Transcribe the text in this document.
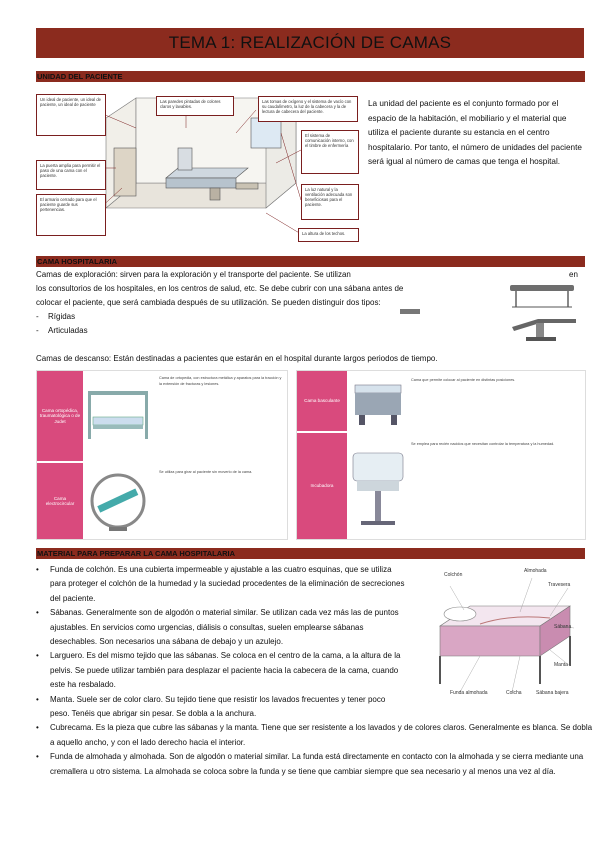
TEMA 1: REALIZACIÓN DE CAMAS
UNIDAD DEL PACIENTE
Un ideal de paciente, un ideal de paciente, un ideal de paciente
Las paredes pintadas de colores claros y lavables.
Las tomas de oxígeno y el sistema de vacío con su caudalímetro, la luz de la cabecera y la de lectura de cabecera del paciente.
El sistema de comunicación interno, con el timbre de enfermería
La puerta amplia para permitir el paso de una cama con el paciente.
El armario cerrado para que el paciente guarde sus pertenencias.
La luz natural y la ventilación adecuada son beneficiosas para el paciente.
La altura de los techos.
La unidad del paciente es el conjunto formado por el espacio de la habitación, el mobiliario y el material que utiliza el paciente durante su estancia en el centro hospitalario. Por tanto, el número de unidades del paciente será igual al número de camas que tenga el hospital.
CAMA HOSPITALARIA
Camas de exploración: sirven para la exploración y el transporte del paciente. Se utilizan	en
los consultorios de los hospitales, en los centros de salud, etc. Se debe cubrir con una sábana antes de colocar el paciente, que será cambiada después de su utilización. Se pueden distinguir dos tipos:
-	Rígidas
-	Articuladas
Camas de descanso: Están destinadas a pacientes que estarán en el hospital durante largos periodos de tiempo.
Cama ortopédica, traumatológica o de Judet
Cama electrocircular
Cama de ortopedia, con estructura metálica y aparatos para la tracción y la extensión de fracturas y lesiones.
Se utiliza para girar al paciente sin moverlo de la cama.
Cama basculante
Incubadora
Cama que permite colocar al paciente en distintas posiciones.
Se emplea para recién nacidos que necesitan controlar la temperatura y la humedad.
MATERIAL PARA PREPARAR LA CAMA HOSPITALARIA
• Funda de colchón. Es una cubierta impermeable y ajustable a las cuatro esquinas, que se utiliza para proteger el colchón de la humedad y la suciedad procedentes de la eliminación de secreciones del paciente.
• Sábanas. Generalmente son de algodón o material similar. Se utilizan cada vez más las de puntos ajustables. En servicios como urgencias, diálisis o consultas, suelen emplearse sábanas desechables. Son necesarios una sábana de debajo y un azulejo.
• Larguero. Es del mismo tejido que las sábanas. Se coloca en el centro de la cama, a la altura de la pelvis. Se puede utilizar también para desplazar el paciente hacia la cabecera de la cama, cuando este ha resbalado.
• Manta. Suele ser de color claro. Su tejido tiene que resistir los lavados frecuentes y tener poco peso. Tenéis que abrigar sin pesar. Se dobla a la anchura.
• Cubrecama. Es la pieza que cubre las sábanas y la manta. Tiene que ser resistente a los lavados y de colores claros. Generalmente es blanca. Se dobla a aquello ancho, y con el lado derecho hacia el interior.
• Funda de almohada y almohada. Son de algodón o material similar. La funda está directamente en contacto con la almohada y se cierra mediante una cremallera u otro sistema. La almohada se coloca sobre la funda y se tiene que cambiar siempre que sea necesario y al menos una vez al día.
Colchón
Almohada
Travesera
Sábana
Manta
Colcha	Sábana bajera
Funda almohada
